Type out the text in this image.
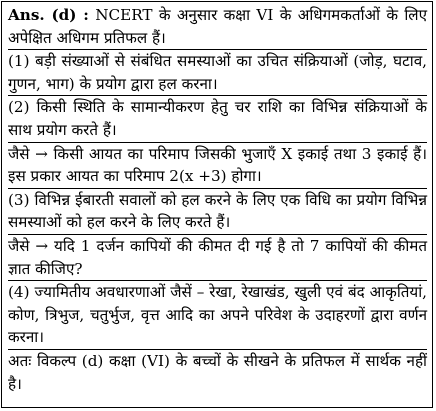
Ans. (d) : NCERT के अनुसार कक्षा VI के अधिगमकर्ताओं के लिए अपेक्षित अधिगम प्रतिफल हैं।

(1) बड़ी संख्याओं से संबंधित समस्याओं का उचित संक्रियाओं (जोड़, घटाव, गुणन, भाग) के प्रयोग द्वारा हल करना।

(2) किसी स्थिति के सामान्यीकरण हेतु चर राशि का विभिन्न संक्रियाओं के साथ प्रयोग करते हैं।

जैसे → किसी आयत का परिमाप जिसकी भुजाएँ X इकाई तथा 3 इकाई हैं। इस प्रकार आयत का परिमाप 2(x +3) होगा।

(3) विभिन्न ईबारती सवालों को हल करने के लिए एक विधि का प्रयोग विभिन्न समस्याओं को हल करने के लिए करते हैं।

जैसे → यदि 1 दर्जन कापियों की कीमत दी गई है तो 7 कापियों की कीमत ज्ञात कीजिए?

(4) ज्यामितीय अवधारणाओं जैसें – रेखा, रेखाखंड, खुली एवं बंद आकृतियां, कोण, त्रिभुज, चतुर्भुज, वृत्त आदि का अपने परिवेश के उदाहरणों द्वारा वर्णन करना।

अतः विकल्प (d) कक्षा (VI) के बच्चों के सीखने के प्रतिफल में सार्थक नहीं है।
